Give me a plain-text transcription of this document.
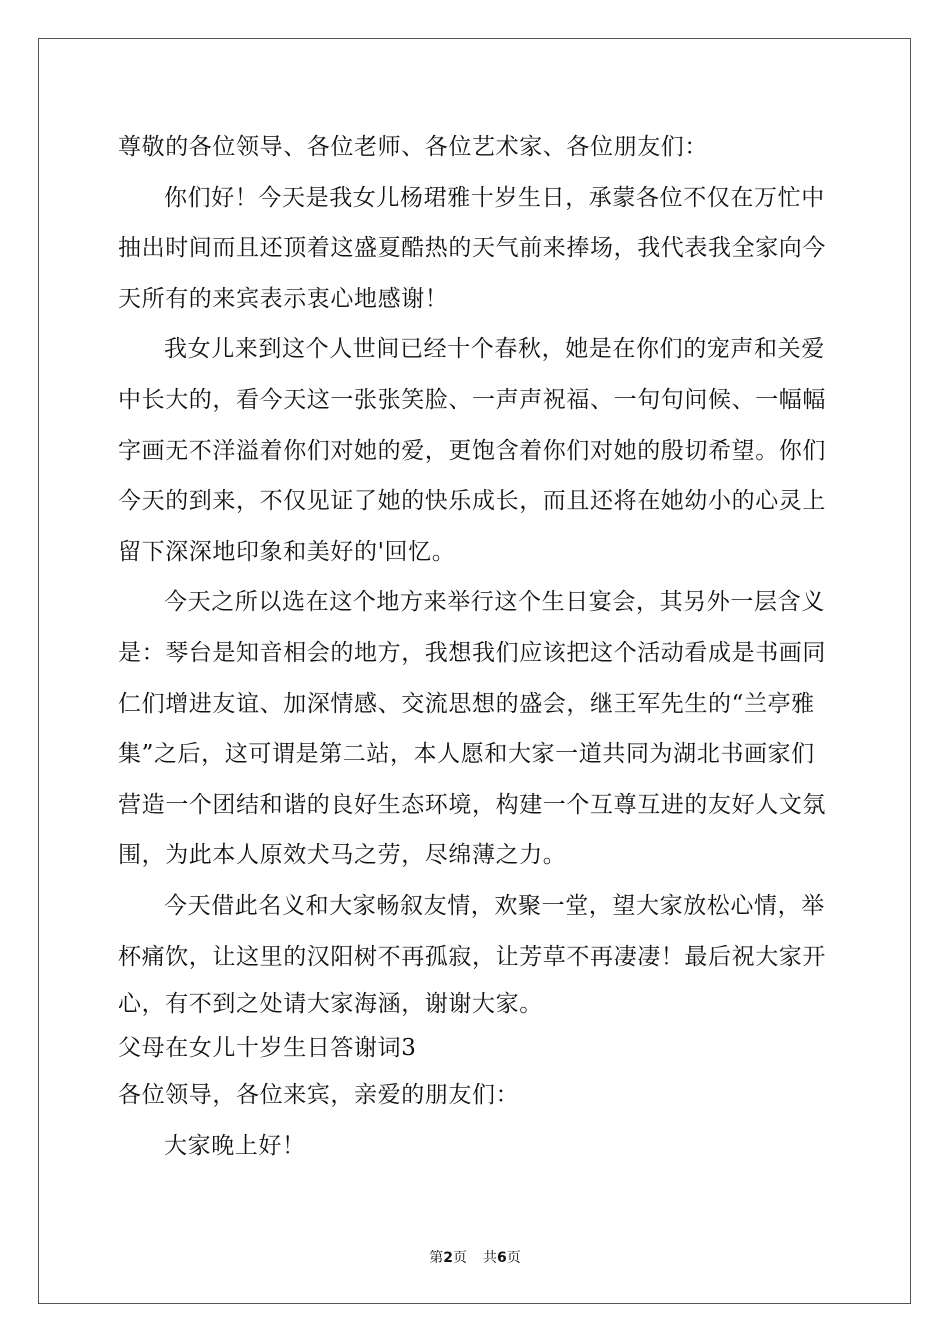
尊敬的各位领导、各位老师、各位艺术家、各位朋友们：
你们好！今天是我女儿杨珺雅十岁生日，承蒙各位不仅在万忙中
抽出时间而且还顶着这盛夏酷热的天气前来捧场，我代表我全家向今
天所有的来宾表示衷心地感谢！
我女儿来到这个人世间已经十个春秋，她是在你们的宠声和关爱
中长大的，看今天这一张张笑脸、一声声祝福、一句句问候、一幅幅
字画无不洋溢着你们对她的爱，更饱含着你们对她的殷切希望。你们
今天的到来，不仅见证了她的快乐成长，而且还将在她幼小的心灵上
留下深深地印象和美好的'回忆。
今天之所以选在这个地方来举行这个生日宴会，其另外一层含义
是：琴台是知音相会的地方，我想我们应该把这个活动看成是书画同
仁们增进友谊、加深情感、交流思想的盛会，继王军先生的“兰亭雅
集”之后，这可谓是第二站，本人愿和大家一道共同为湖北书画家们
营造一个团结和谐的良好生态环境，构建一个互尊互进的友好人文氛
围，为此本人原效犬马之劳，尽绵薄之力。
今天借此名义和大家畅叙友情，欢聚一堂，望大家放松心情，举
杯痛饮，让这里的汉阳树不再孤寂，让芳草不再凄凄！最后祝大家开
心，有不到之处请大家海涵，谢谢大家。
父母在女儿十岁生日答谢词3
各位领导，各位来宾，亲爱的朋友们：
大家晚上好！
第2页 共6页
